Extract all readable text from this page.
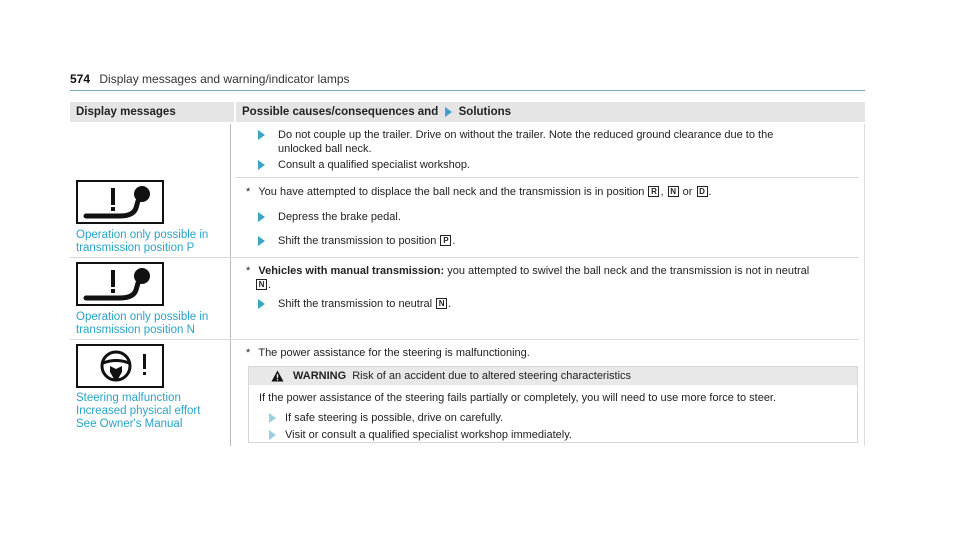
574 Display messages and warning/indicator lamps
Display messages	Possible causes/consequences and Solutions
Do not couple up the trailer. Drive on without the trailer. Note the reduced ground clearance due to the
unlocked ball neck.
Consult a qualified specialist workshop.
Operation only possible in
transmission position P
* You have attempted to displace the ball neck and the transmission is in position R , N or D .
Depress the brake pedal.
Shift the transmission to position P .
Operation only possible in
transmission position N
* Vehicles with manual transmission: you attempted to swivel the ball neck and the transmission is not in neutral
N .
Shift the transmission to neutral N .
Steering malfunction
Increased physical effort
See Owner's Manual
* The power assistance for the steering is malfunctioning.
WARNING Risk of an accident due to altered steering characteristics
If the power assistance of the steering fails partially or completely, you will need to use more force to steer.
If safe steering is possible, drive on carefully.
Visit or consult a qualified specialist workshop immediately.
